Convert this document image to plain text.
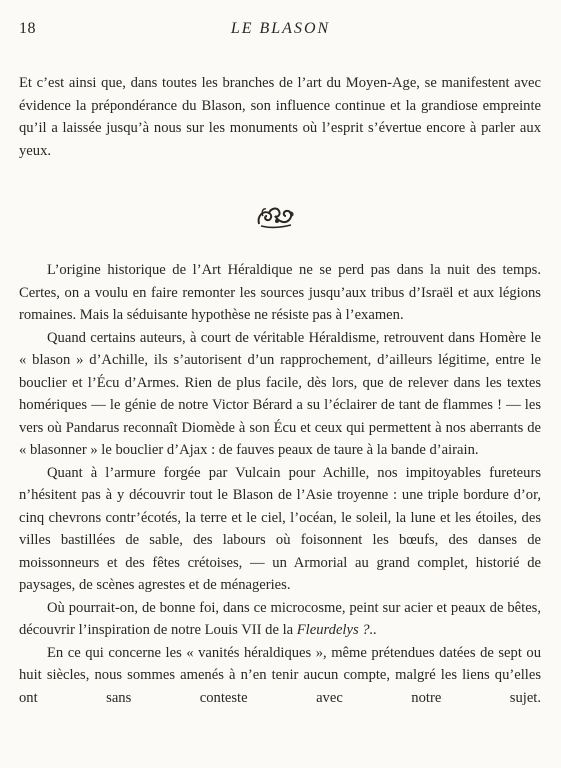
18	LE BLASON

Et c’est ainsi que, dans toutes les branches de l’art du Moyen-Age, se manifestent avec évidence la prépondérance du Blason, son influence continue et la grandiose empreinte qu’il a laissée jusqu’à nous sur les monuments où l’esprit s’évertue encore à parler aux yeux.

L’origine historique de l’Art Héraldique ne se perd pas dans la nuit des temps. Certes, on a voulu en faire remonter les sources jusqu’aux tribus d’Israël et aux légions romaines. Mais la séduisante hypothèse ne résiste pas à l’examen.

Quand certains auteurs, à court de véritable Héraldisme, retrouvent dans Homère le « blason » d’Achille, ils s’autorisent d’un rapprochement, d’ailleurs légitime, entre le bouclier et l’Écu d’Armes. Rien de plus facile, dès lors, que de relever dans les textes homériques — le génie de notre Victor Bérard a su l’éclairer de tant de flammes ! — les vers où Pandarus reconnaît Diomède à son Écu et ceux qui permettent à nos aberrants de « blasonner » le bouclier d’Ajax : de fauves peaux de taure à la bande d’airain.

Quant à l’armure forgée par Vulcain pour Achille, nos impitoyables fureteurs n’hésitent pas à y découvrir tout le Blason de l’Asie troyenne : une triple bordure d’or, cinq chevrons contr’écotés, la terre et le ciel, l’océan, le soleil, la lune et les étoiles, des villes bastillées de sable, des labours où foisonnent les bœufs, des danses de moissonneurs et des fêtes crétoises, — un Armorial au grand complet, historié de paysages, de scènes agrestes et de ménageries.

Où pourrait-on, de bonne foi, dans ce microcosme, peint sur acier et peaux de bêtes, découvrir l’inspiration de notre Louis VII de la Fleurdelys ?..

En ce qui concerne les « vanités héraldiques », même prétendues datées de sept ou huit siècles, nous sommes amenés à n’en tenir aucun compte, malgré les liens qu’elles ont sans conteste avec notre sujet.
